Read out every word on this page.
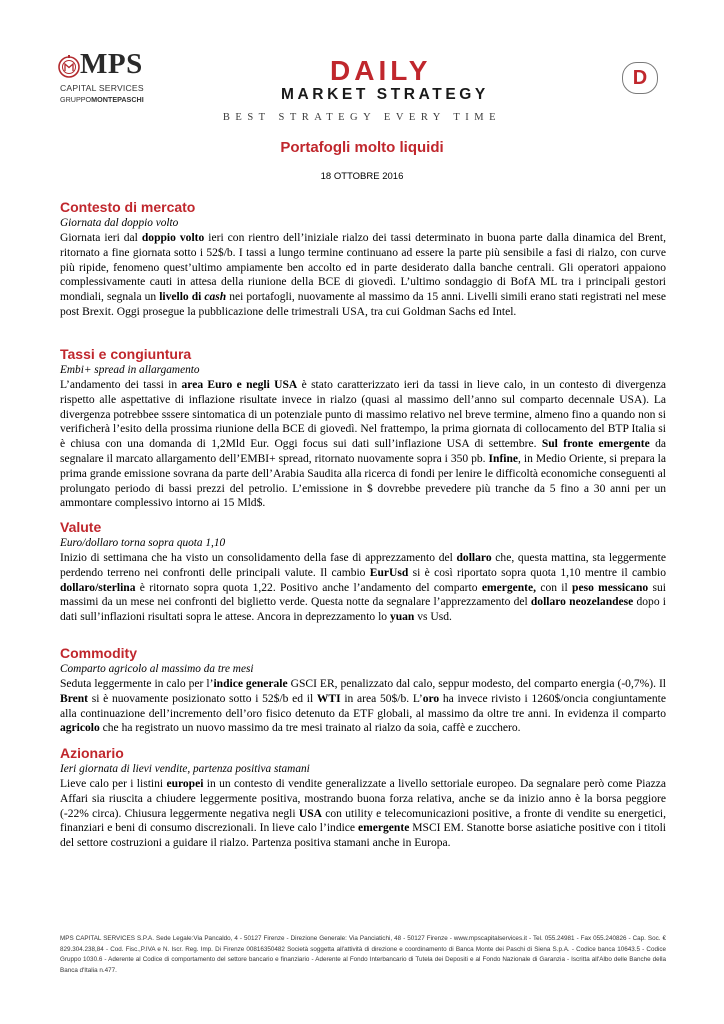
MPS
CAPITAL SERVICES
GRUPPOMONTEPASCHI
DAILY
MARKET STRATEGY
D
BEST STRATEGY EVERY TIME
Portafogli molto liquidi
18 OTTOBRE 2016
Contesto di mercato
Giornata dal doppio volto
Giornata ieri dal doppio volto ieri con rientro dell’iniziale rialzo dei tassi determinato in buona parte dalla dinamica del Brent, ritornato a fine giornata sotto i 52$/b. I tassi a lungo termine continuano ad essere la parte più sensibile a fasi di rialzo, con curve più ripide, fenomeno quest’ultimo ampiamente ben accolto ed in parte desiderato dalla banche centrali. Gli operatori appaiono complessivamente cauti in attesa della riunione della BCE di giovedì. L’ultimo sondaggio di BofA ML tra i principali gestori mondiali, segnala un livello di cash nei portafogli, nuovamente al massimo da 15 anni. Livelli simili erano stati registrati nel mese post Brexit. Oggi prosegue la pubblicazione delle trimestrali USA, tra cui Goldman Sachs ed Intel.
Tassi e congiuntura
Embi+ spread in allargamento
L’andamento dei tassi in area Euro e negli USA è stato caratterizzato ieri da tassi in lieve calo, in un contesto di divergenza rispetto alle aspettative di inflazione risultate invece in rialzo (quasi al massimo dell’anno sul comparto decennale USA). La divergenza potrebbee sssere sintomatica di un potenziale punto di massimo relativo nel breve termine, almeno fino a quando non si verificherà l’esito della prossima riunione della BCE di giovedì. Nel frattempo, la prima giornata di collocamento del BTP Italia si è chiusa con una domanda di 1,2Mld Eur. Oggi focus sui dati sull’inflazione USA di settembre. Sul fronte emergente da segnalare il marcato allargamento dell’EMBI+ spread, ritornato nuovamente sopra i 350 pb. Infine, in Medio Oriente, si prepara la prima grande emissione sovrana da parte dell’Arabia Saudita alla ricerca di fondi per lenire le difficoltà economiche conseguenti al prolungato periodo di bassi prezzi del petrolio. L’emissione in $ dovrebbe prevedere più tranche da 5 fino a 30 anni per un ammontare complessivo intorno ai 15 Mld$.
Valute
Euro/dollaro torna sopra quota 1,10
Inizio di settimana che ha visto un consolidamento della fase di apprezzamento del dollaro che, questa mattina, sta leggermente perdendo terreno nei confronti delle principali valute. Il cambio EurUsd si è così riportato sopra quota 1,10 mentre il cambio dollaro/sterlina è ritornato sopra quota 1,22. Positivo anche l’andamento del comparto emergente, con il peso messicano sui massimi da un mese nei confronti del biglietto verde. Questa notte da segnalare l’apprezzamento del dollaro neozelandese dopo i dati sull’inflazioni risultati sopra le attese. Ancora in deprezzamento lo yuan vs Usd.
Commodity
Comparto agricolo al massimo da tre mesi
Seduta leggermente in calo per l’indice generale GSCI ER, penalizzato dal calo, seppur modesto, del comparto energia (-0,7%). Il Brent si è nuovamente posizionato sotto i 52$/b ed il WTI in area 50$/b. L’oro ha invece rivisto i 1260$/oncia congiuntamente alla continuazione dell’incremento dell’oro fisico detenuto da ETF globali, al massimo da oltre tre anni. In evidenza il comparto agricolo che ha registrato un nuovo massimo da tre mesi trainato al rialzo da soia, caffè e zucchero.
Azionario
Ieri giornata di lievi vendite, partenza positiva stamani
Lieve calo per i listini europei in un contesto di vendite generalizzate a livello settoriale europeo. Da segnalare però come Piazza Affari sia riuscita a chiudere leggermente positiva, mostrando buona forza relativa, anche se da inizio anno è la borsa peggiore (-22% circa). Chiusura leggermente negativa negli USA con utility e telecomunicazioni positive, a fronte di vendite su energetici, finanziari e beni di consumo discrezionali. In lieve calo l’indice emergente MSCI EM. Stanotte borse asiatiche positive con i titoli del settore costruzioni a guidare il rialzo. Partenza positiva stamani anche in Europa.
MPS CAPITAL SERVICES S.P.A. Sede Legale:Via Pancaldo, 4 - 50127 Firenze - Direzione Generale: Via Panciatichi, 48 - 50127 Firenze - www.mpscapitalservices.it - Tel. 055.24981 - Fax 055.240826 - Cap. Soc. € 829.304.238,84 - Cod. Fisc.,P.IVA e N. Iscr. Reg. Imp. Di Firenze 00816350482 Società soggetta all'attività di direzione e coordinamento di Banca Monte dei Paschi di Siena S.p.A. - Codice banca 10643.5 - Codice Gruppo 1030.6 - Aderente al Codice di comportamento del settore bancario e finanziario - Aderente al Fondo Interbancario di Tutela dei Depositi e al Fondo Nazionale di Garanzia - Iscritta all'Albo delle Banche della Banca d'Italia n.477.
